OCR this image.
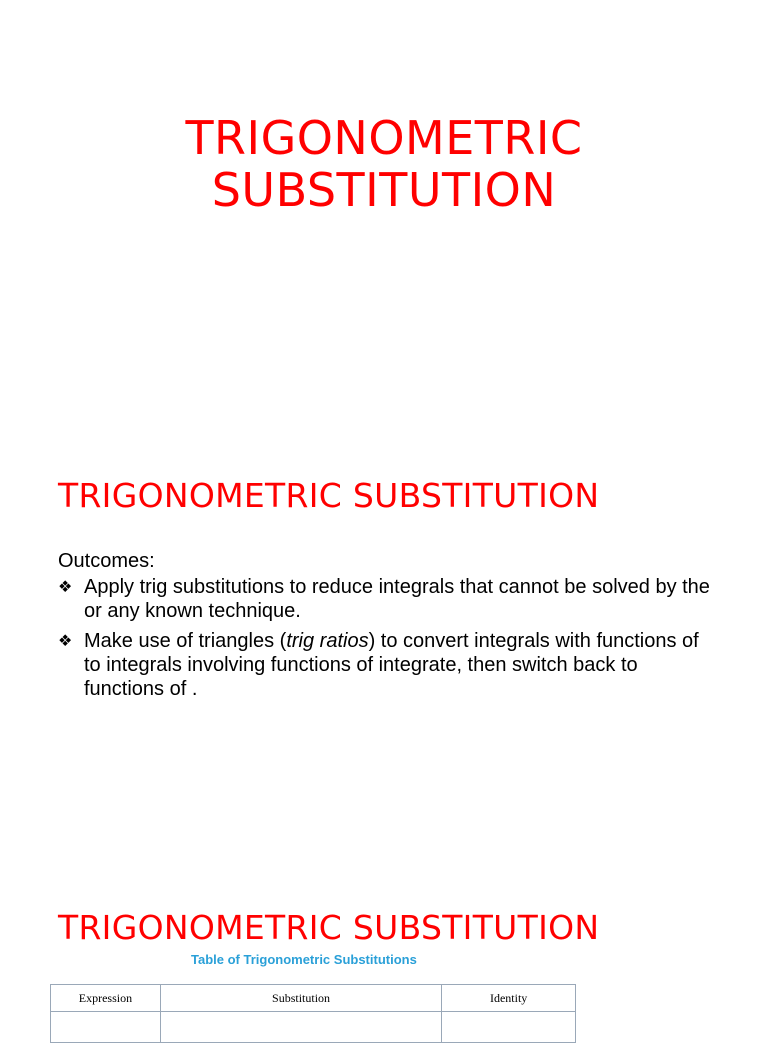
TRIGONOMETRIC
SUBSTITUTION
TRIGONOMETRIC SUBSTITUTION
Outcomes:
❖ Apply trig substitutions to reduce integrals that cannot be solved by the or any known technique.
❖ Make use of triangles (trig ratios) to convert integrals with functions of to integrals involving functions of integrate, then switch back to functions of .
TRIGONOMETRIC SUBSTITUTION
Table of Trigonometric Substitutions
Expression	Substitution	Identity
